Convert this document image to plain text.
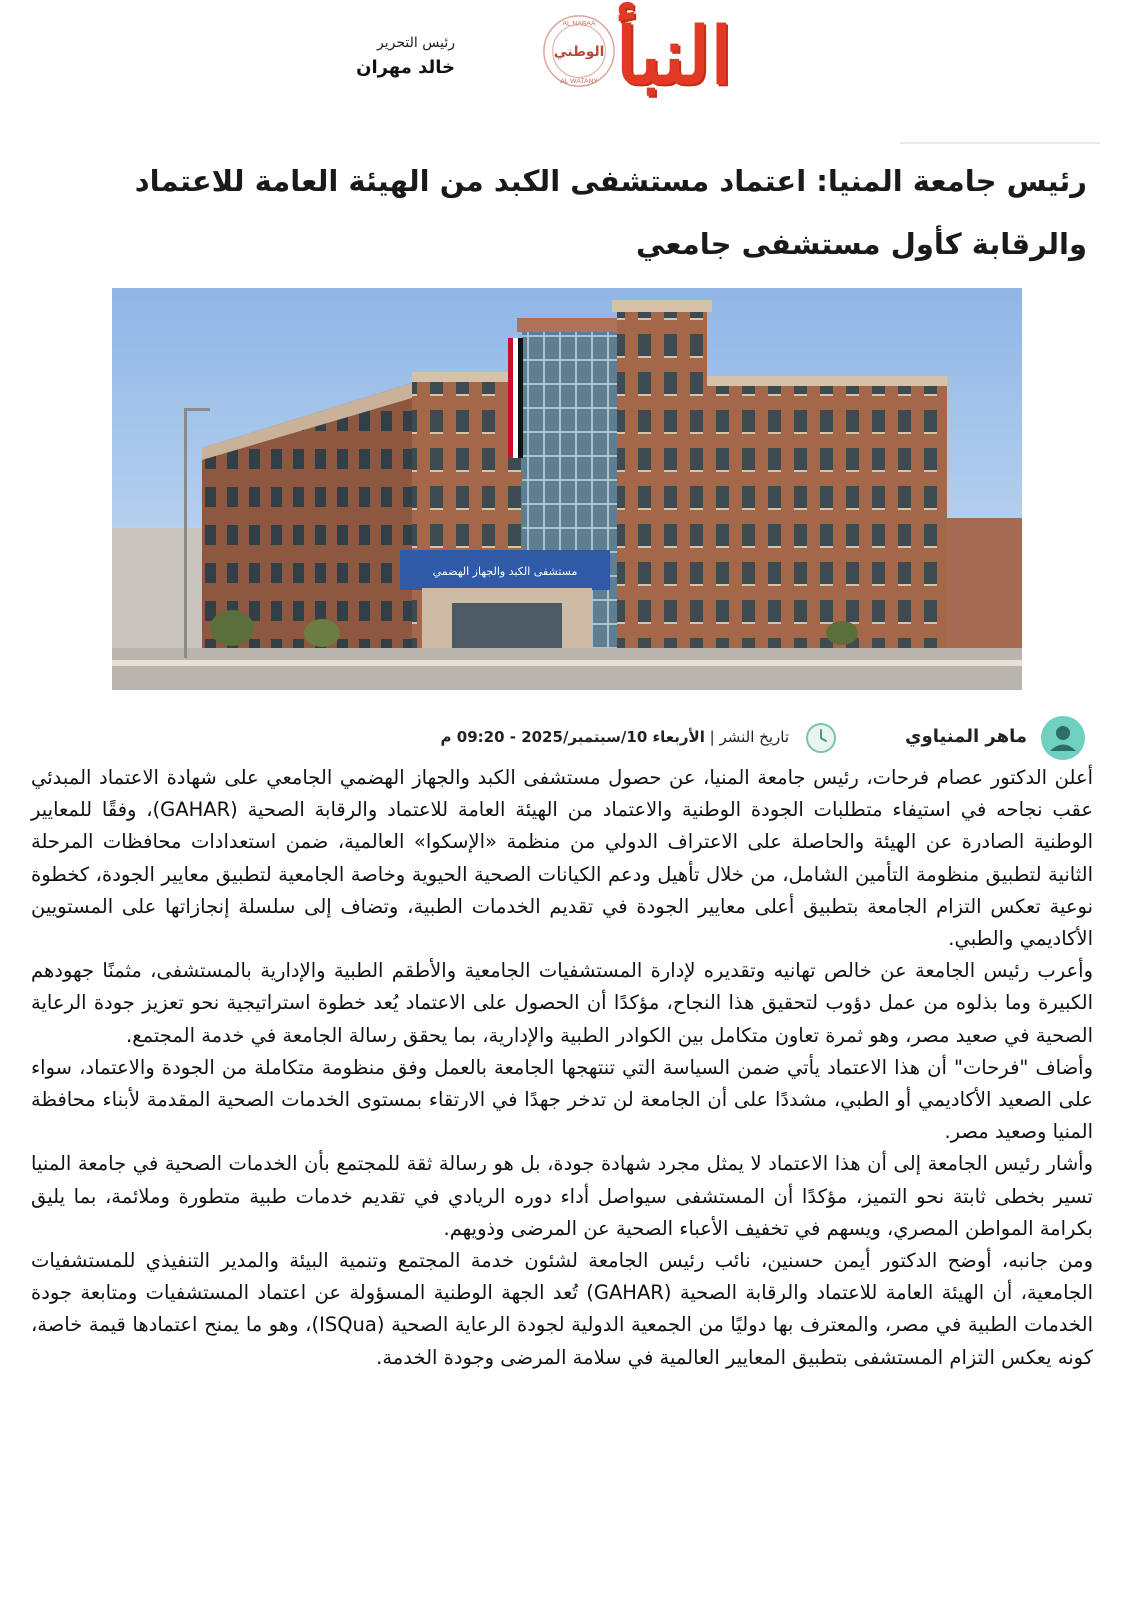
AL NABAA
AL WATANY
الوطني النبأ
رئيس التحرير
خالد مهران
رئيس جامعة المنيا: اعتماد مستشفى الكبد من الهيئة العامة للاعتماد والرقابة كأول مستشفى جامعي
مستشفى الكبد والجهاز الهضمي
ماهر المنياوي
تاريخ النشر | الأربعاء 10/سبتمبر/2025 - 09:20 م

أعلن الدكتور عصام فرحات، رئيس جامعة المنيا، عن حصول مستشفى الكبد والجهاز الهضمي الجامعي على شهادة الاعتماد المبدئي عقب نجاحه في استيفاء متطلبات الجودة الوطنية والاعتماد من الهيئة العامة للاعتماد والرقابة الصحية (GAHAR)، وفقًا للمعايير الوطنية الصادرة عن الهيئة والحاصلة على الاعتراف الدولي من منظمة «الإسكوا» العالمية، ضمن استعدادات محافظات المرحلة الثانية لتطبيق منظومة التأمين الشامل، من خلال تأهيل ودعم الكيانات الصحية الحيوية وخاصة الجامعية لتطبيق معايير الجودة، كخطوة نوعية تعكس التزام الجامعة بتطبيق أعلى معايير الجودة في تقديم الخدمات الطبية، وتضاف إلى سلسلة إنجازاتها على المستويين الأكاديمي والطبي.

وأعرب رئيس الجامعة عن خالص تهانيه وتقديره لإدارة المستشفيات الجامعية والأطقم الطبية والإدارية بالمستشفى، مثمنًا جهودهم الكبيرة وما بذلوه من عمل دؤوب لتحقيق هذا النجاح، مؤكدًا أن الحصول على الاعتماد يُعد خطوة استراتيجية نحو تعزيز جودة الرعاية الصحية في صعيد مصر، وهو ثمرة تعاون متكامل بين الكوادر الطبية والإدارية، بما يحقق رسالة الجامعة في خدمة المجتمع.

وأضاف "فرحات" أن هذا الاعتماد يأتي ضمن السياسة التي تنتهجها الجامعة بالعمل وفق منظومة متكاملة من الجودة والاعتماد، سواء على الصعيد الأكاديمي أو الطبي، مشددًا على أن الجامعة لن تدخر جهدًا في الارتقاء بمستوى الخدمات الصحية المقدمة لأبناء محافظة المنيا وصعيد مصر.

وأشار رئيس الجامعة إلى أن هذا الاعتماد لا يمثل مجرد شهادة جودة، بل هو رسالة ثقة للمجتمع بأن الخدمات الصحية في جامعة المنيا تسير بخطى ثابتة نحو التميز، مؤكدًا أن المستشفى سيواصل أداء دوره الريادي في تقديم خدمات طبية متطورة وملائمة، بما يليق بكرامة المواطن المصري، ويسهم في تخفيف الأعباء الصحية عن المرضى وذويهم.

ومن جانبه، أوضح الدكتور أيمن حسنين، نائب رئيس الجامعة لشئون خدمة المجتمع وتنمية البيئة والمدير التنفيذي للمستشفيات الجامعية، أن الهيئة العامة للاعتماد والرقابة الصحية (GAHAR) تُعد الجهة الوطنية المسؤولة عن اعتماد المستشفيات ومتابعة جودة الخدمات الطبية في مصر، والمعترف بها دوليًا من الجمعية الدولية لجودة الرعاية الصحية (ISQua)، وهو ما يمنح اعتمادها قيمة خاصة، كونه يعكس التزام المستشفى بتطبيق المعايير العالمية في سلامة المرضى وجودة الخدمة.
